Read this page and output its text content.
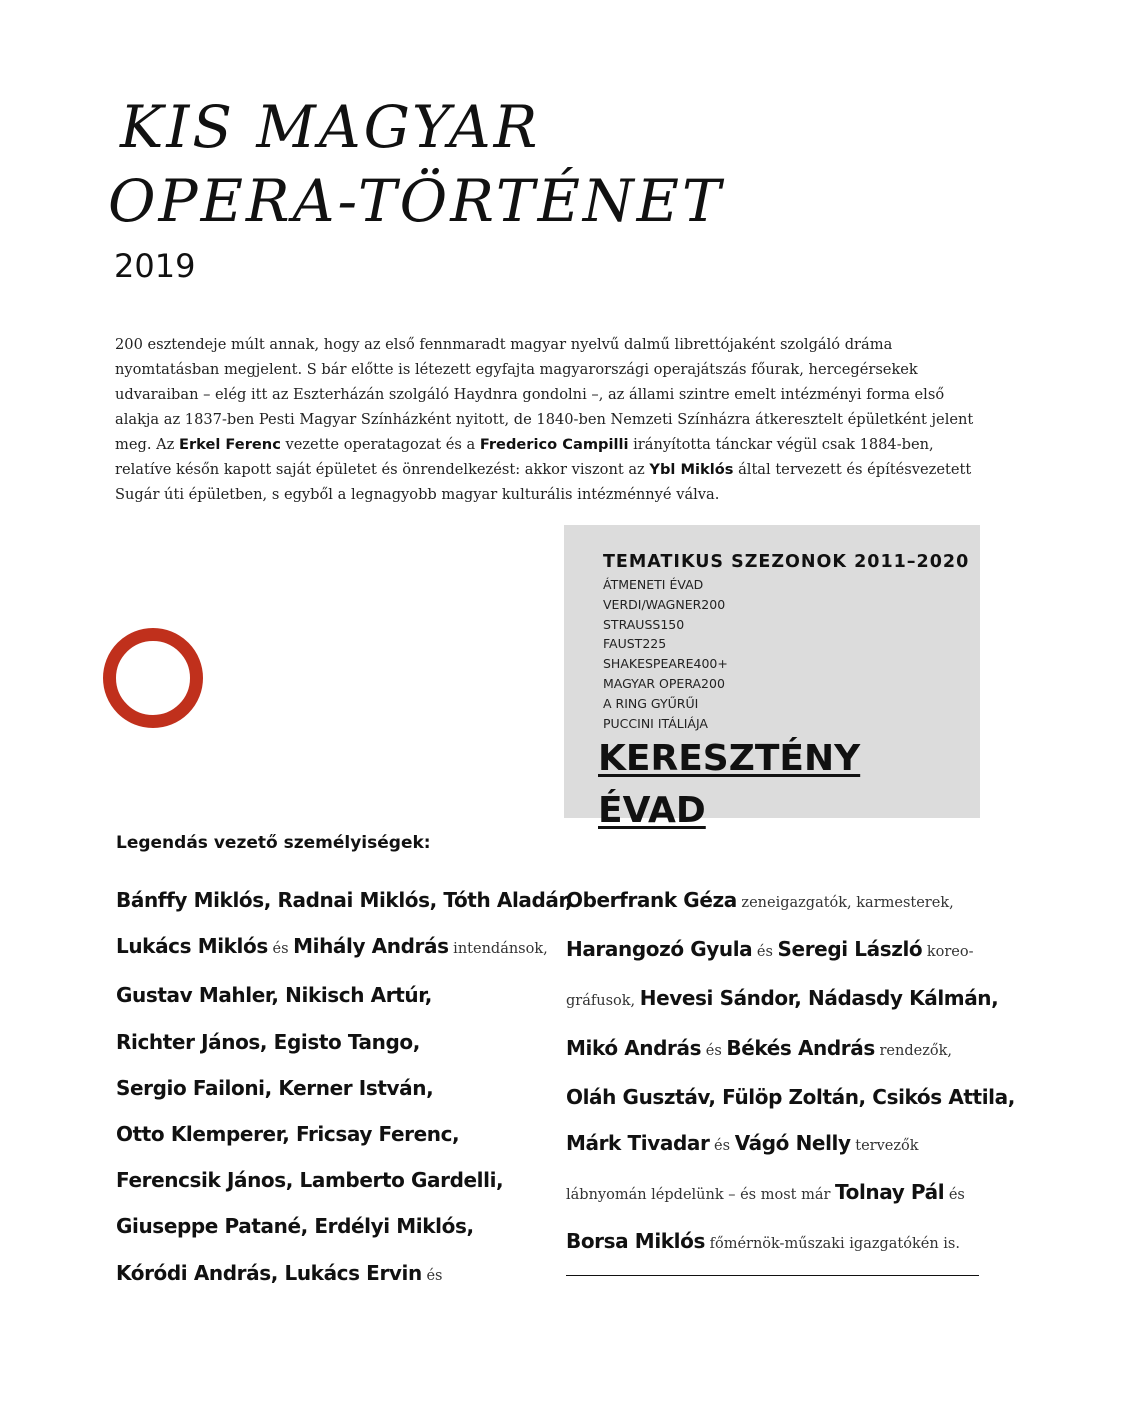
KIS MAGYAR
OPERA-TÖRTÉNET
2019

200 esztendeje múlt annak, hogy az első fennmaradt magyar nyelvű dalmű librettójaként szolgáló dráma nyomtatásban megjelent. S bár előtte is létezett egyfajta magyarországi operajátszás főurak, hercegérsekek udvaraiban – elég itt az Eszterházán szolgáló Haydnra gondolni –, az állami szintre emelt intézményi forma első alakja az 1837-ben Pesti Magyar Színházként nyitott, de 1840-ben Nemzeti Színházra átkeresztelt épületként jelent meg. Az Erkel Ferenc vezette operatagozat és a Frederico Campilli irányította tánckar végül csak 1884-ben, relatíve későn kapott saját épületet és önrendelkezést: akkor viszont az Ybl Miklós által tervezett és építésvezetett Sugár úti épületben, s egyből a legnagyobb magyar kulturális intézménnyé válva.

TEMATIKUS SZEZONOK 2011–2020
ÁTMENETI ÉVAD
VERDI/WAGNER200
STRAUSS150
FAUST225
SHAKESPEARE400+
MAGYAR OPERA200
A RING GYŰRŰI
PUCCINI ITÁLIÁJA
KERESZTÉNY ÉVAD
Legendás vezető személyiségek:
Bánffy Miklós, Radnai Miklós, Tóth Aladár,
Lukács Miklós és Mihály András intendánsok,
Gustav Mahler, Nikisch Artúr,
Richter János, Egisto Tango,
Sergio Failoni, Kerner István,
Otto Klemperer, Fricsay Ferenc,
Ferencsik János, Lamberto Gardelli,
Giuseppe Patané, Erdélyi Miklós,
Kóródi András, Lukács Ervin és
Oberfrank Géza zeneigazgatók, karmesterek,
Harangozó Gyula és Seregi László koreo-
gráfusok, Hevesi Sándor, Nádasdy Kálmán,
Mikó András és Békés András rendezők,
Oláh Gusztáv, Fülöp Zoltán, Csikós Attila,
Márk Tivadar és Vágó Nelly tervezők
lábnyomán lépdelünk – és most már Tolnay Pál és
Borsa Miklós főmérnök-műszaki igazgatókén is.
